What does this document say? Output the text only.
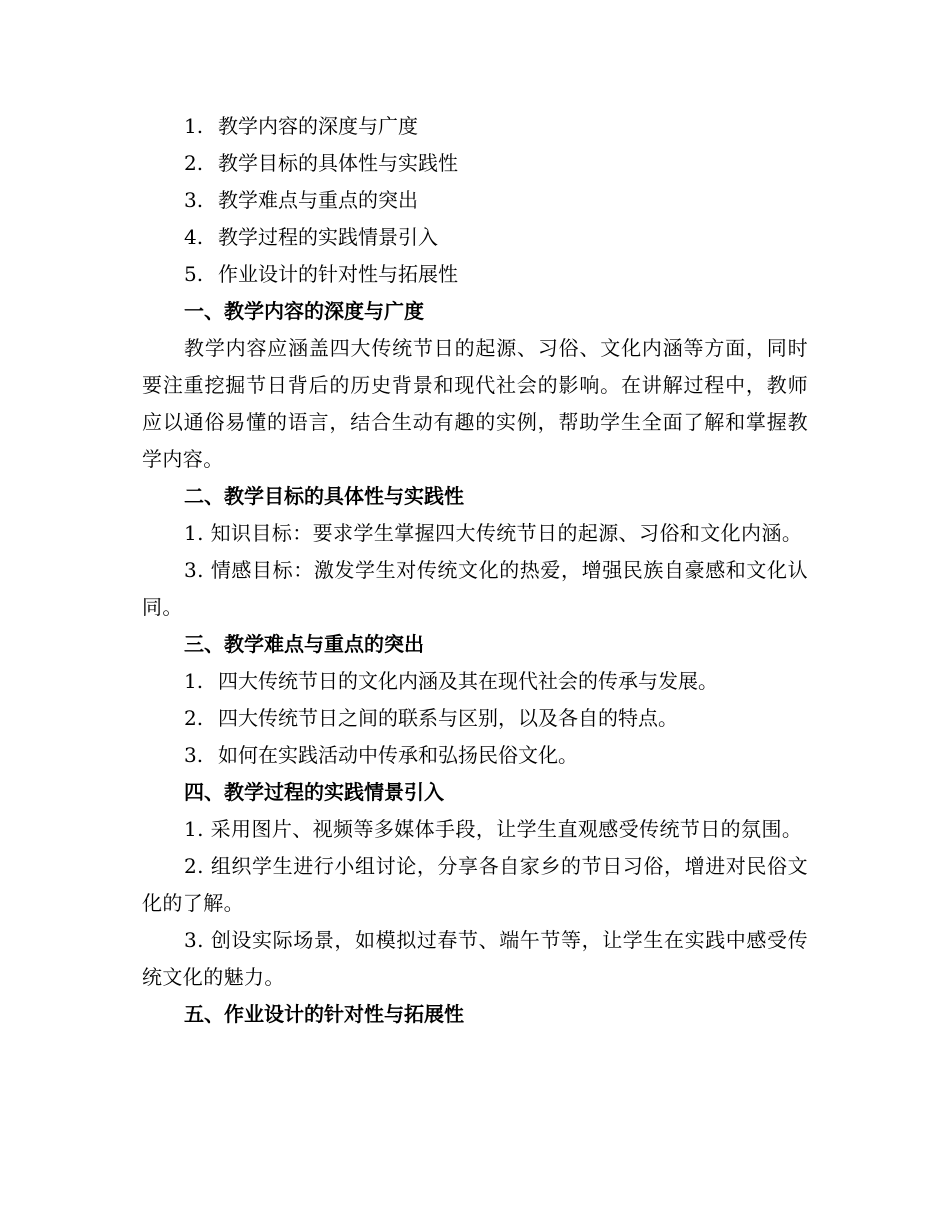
1. 教学内容的深度与广度
2. 教学目标的具体性与实践性
3. 教学难点与重点的突出
4. 教学过程的实践情景引入
5. 作业设计的针对性与拓展性
一、教学内容的深度与广度
教学内容应涵盖四大传统节日的起源、习俗、文化内涵等方面，同时要注重挖掘节日背后的历史背景和现代社会的影响。在讲解过程中，教师应以通俗易懂的语言，结合生动有趣的实例，帮助学生全面了解和掌握教学内容。
二、教学目标的具体性与实践性
1. 知识目标：要求学生掌握四大传统节日的起源、习俗和文化内涵。
3. 情感目标：激发学生对传统文化的热爱，增强民族自豪感和文化认同。
三、教学难点与重点的突出
1. 四大传统节日的文化内涵及其在现代社会的传承与发展。
2. 四大传统节日之间的联系与区别，以及各自的特点。
3. 如何在实践活动中传承和弘扬民俗文化。
四、教学过程的实践情景引入
1. 采用图片、视频等多媒体手段，让学生直观感受传统节日的氛围。
2. 组织学生进行小组讨论，分享各自家乡的节日习俗，增进对民俗文化的了解。
3. 创设实际场景，如模拟过春节、端午节等，让学生在实践中感受传统文化的魅力。
五、作业设计的针对性与拓展性
